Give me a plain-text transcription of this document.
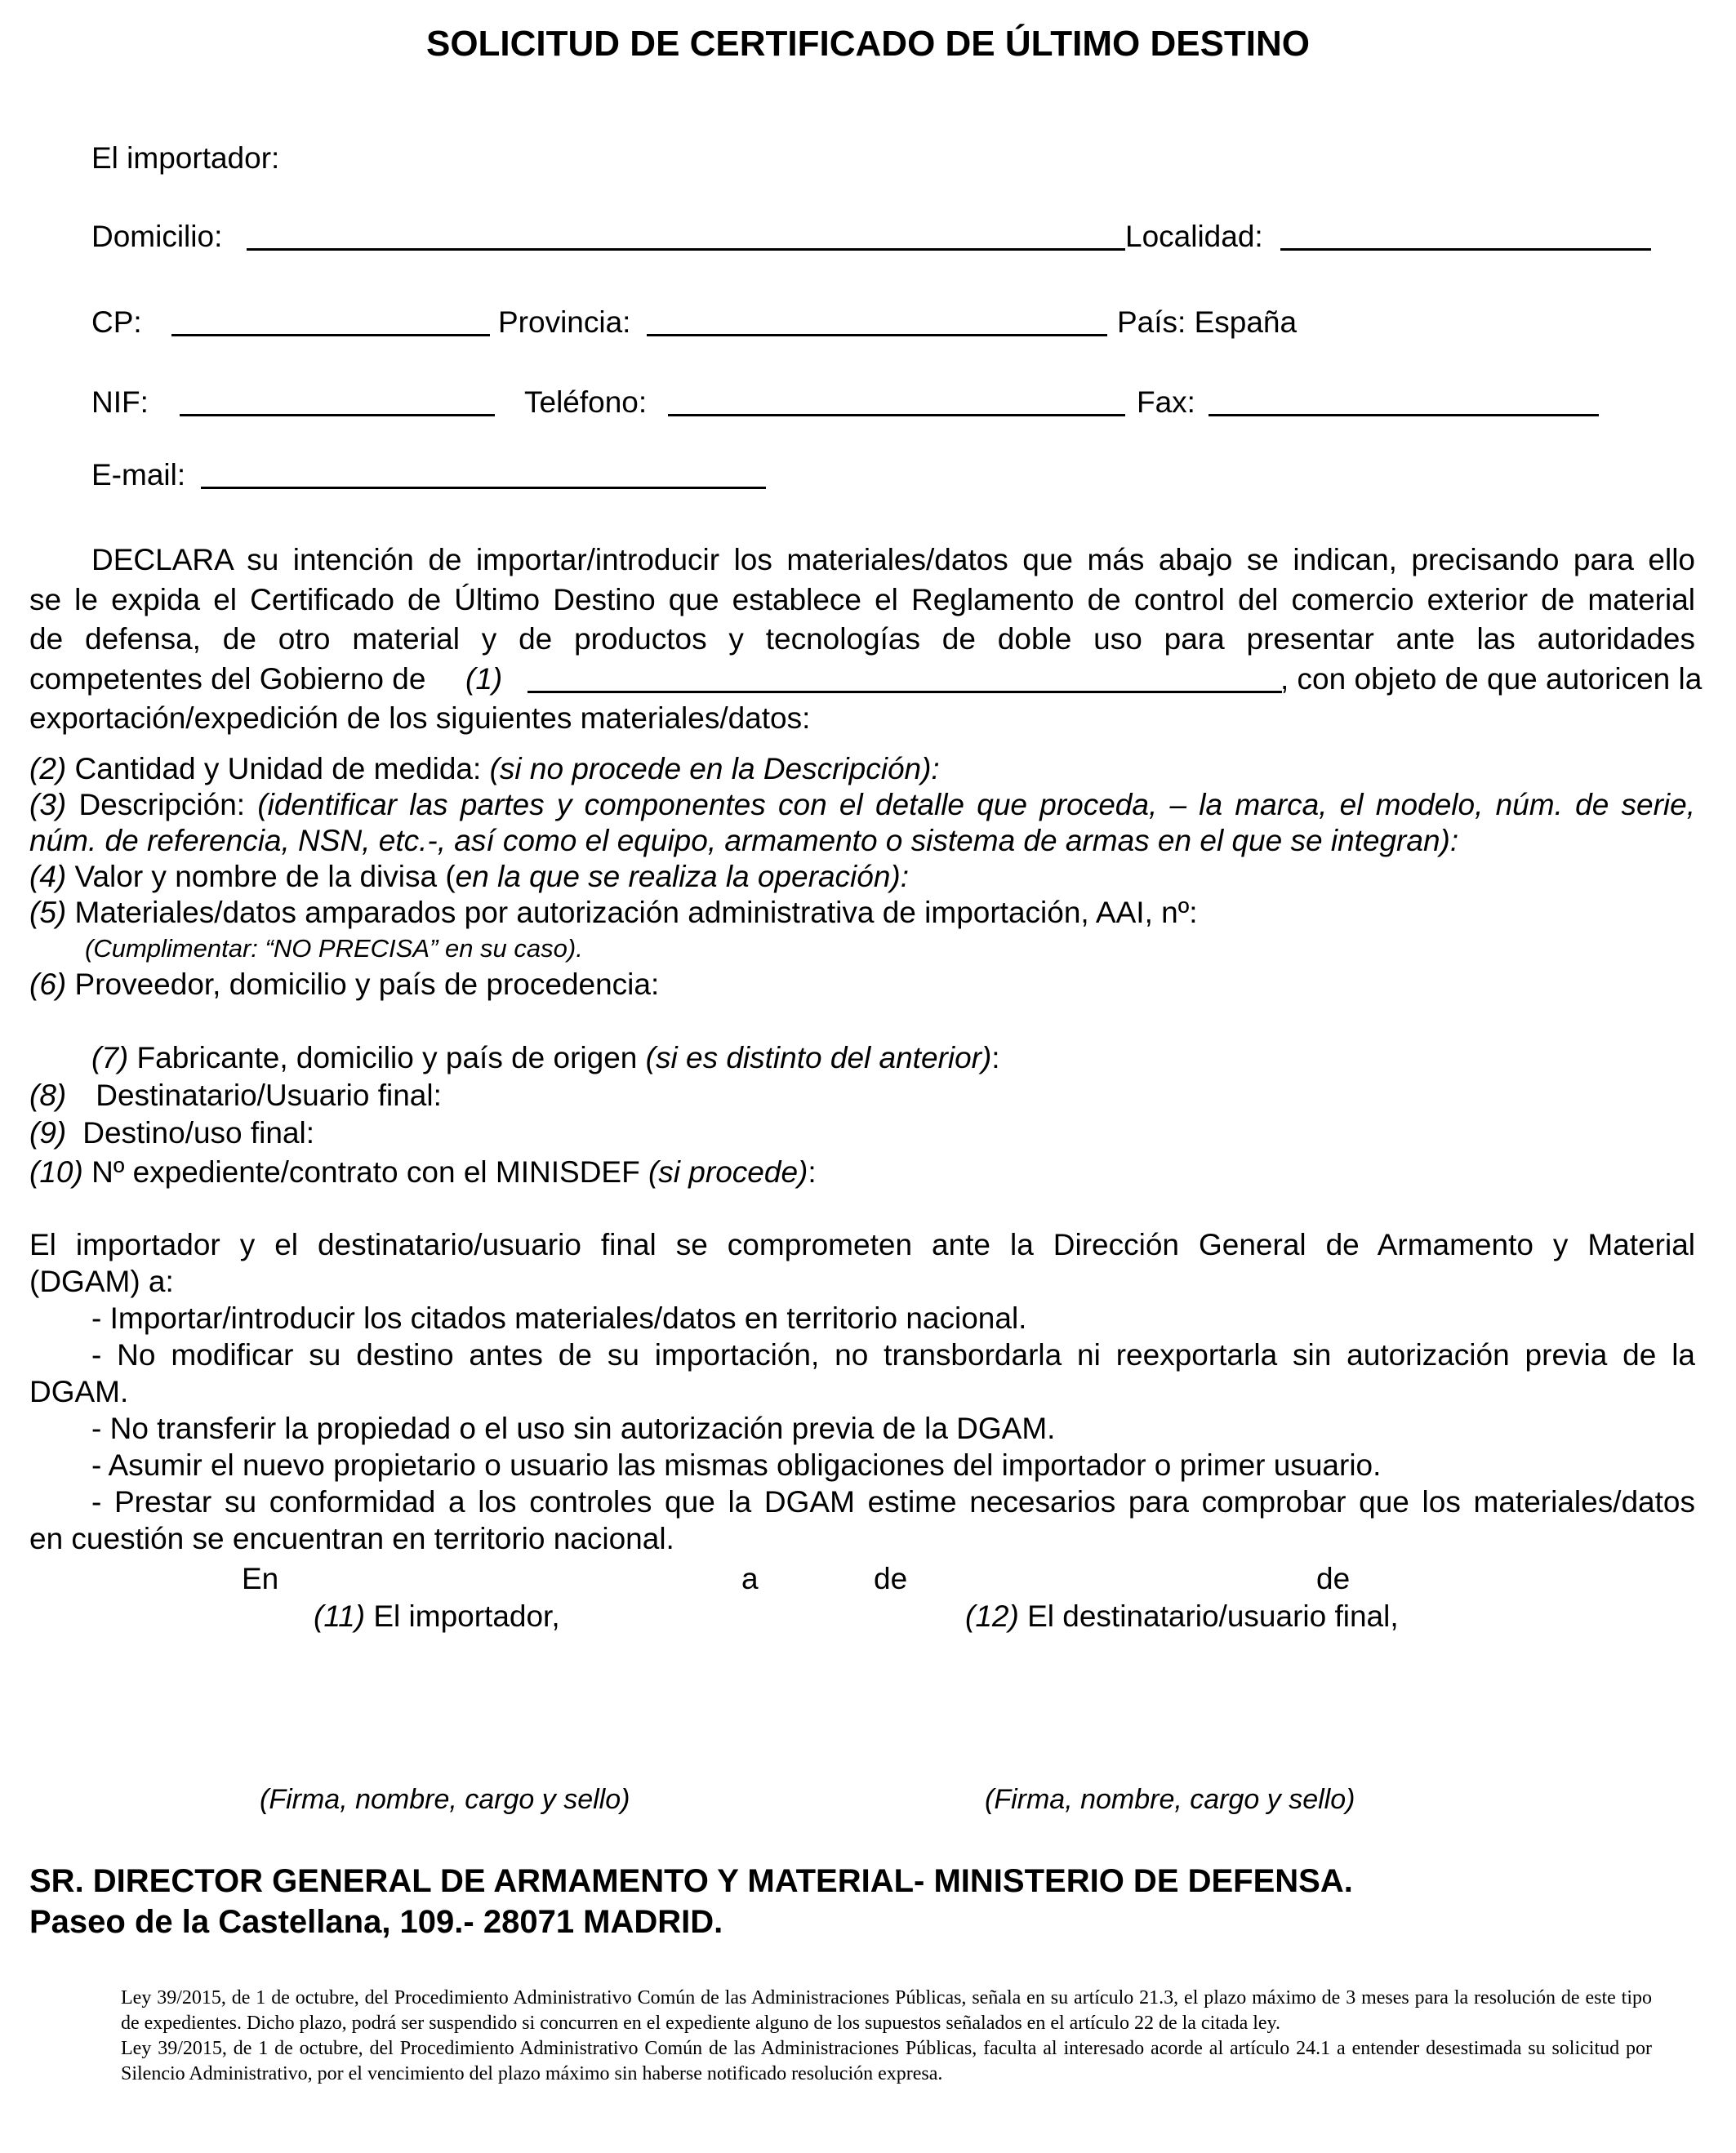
SOLICITUD DE CERTIFICADO DE ÚLTIMO DESTINO
El importador:
Domicilio:	Localidad:
CP:	Provincia:	País: España
NIF:	Teléfono:	Fax:
E-mail:

DECLARA su intención de importar/introducir los materiales/datos que más abajo se indican, precisando para ello

se le expida el Certificado de Último Destino que establece el Reglamento de control del comercio exterior de material

de defensa, de otro material y de productos y tecnologías de doble uso para presentar ante las autoridades

competentes del Gobierno de (1)	, con objeto de que autoricen la

exportación/expedición de los siguientes materiales/datos:

(2) Cantidad y Unidad de medida: (si no procede en la Descripción):
(3) Descripción: (identificar las partes y componentes con el detalle que proceda, – la marca, el modelo, núm. de serie,
núm. de referencia, NSN, etc.-, así como el equipo, armamento o sistema de armas en el que se integran):
(4) Valor y nombre de la divisa (en la que se realiza la operación):
(5) Materiales/datos amparados por autorización administrativa de importación, AAI, nº:
(Cumplimentar: “NO PRECISA” en su caso).
(6) Proveedor, domicilio y país de procedencia:
(7) Fabricante, domicilio y país de origen (si es distinto del anterior):
(8) Destinatario/Usuario final:
(9) Destino/uso final:
(10) Nº expediente/contrato con el MINISDEF (si procede):

El importador y el destinatario/usuario final se comprometen ante la Dirección General de Armamento y Material

(DGAM) a:

- Importar/introducir los citados materiales/datos en territorio nacional.

- No modificar su destino antes de su importación, no transbordarla ni reexportarla sin autorización previa de la

DGAM.

- No transferir la propiedad o el uso sin autorización previa de la DGAM.

- Asumir el nuevo propietario o usuario las mismas obligaciones del importador o primer usuario.

- Prestar su conformidad a los controles que la DGAM estime necesarios para comprobar que los materiales/datos

en cuestión se encuentran en territorio nacional.

En	a	de	de
(11) El importador,	(12) El destinatario/usuario final,
(Firma, nombre, cargo y sello)	(Firma, nombre, cargo y sello)
SR. DIRECTOR GENERAL DE ARMAMENTO Y MATERIAL- MINISTERIO DE DEFENSA.
Paseo de la Castellana, 109.- 28071 MADRID.
Ley 39/2015, de 1 de octubre, del Procedimiento Administrativo Común de las Administraciones Públicas, señala en su artículo 21.3, el plazo máximo de 3 meses para la resolución de este tipo de expedientes. Dicho plazo, podrá ser suspendido si concurren en el expediente alguno de los supuestos señalados en el artículo 22 de la citada ley.
Ley 39/2015, de 1 de octubre, del Procedimiento Administrativo Común de las Administraciones Públicas, faculta al interesado acorde al artículo 24.1 a entender desestimada su solicitud por Silencio Administrativo, por el vencimiento del plazo máximo sin haberse notificado resolución expresa.
